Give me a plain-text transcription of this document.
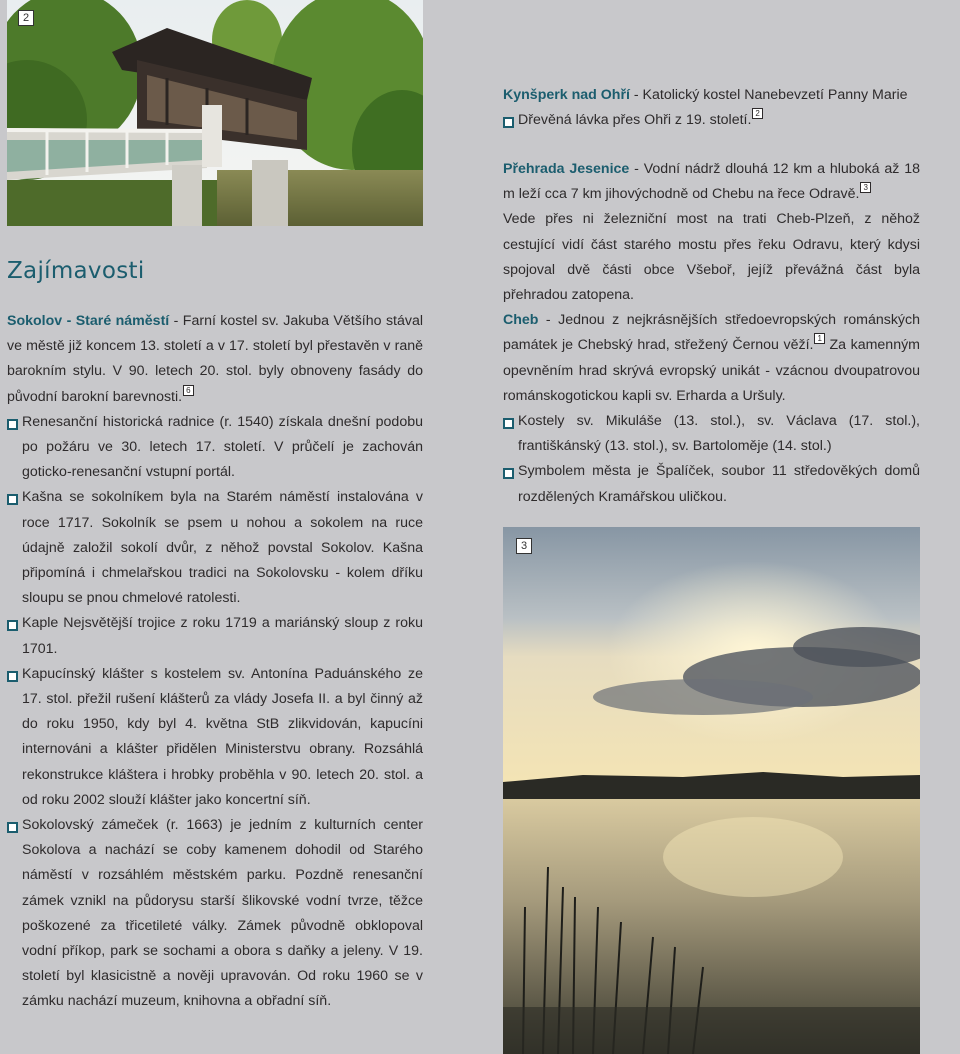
2

Kynšperk nad Ohří - Katolický kostel Nanebevzetí Panny Marie

Dřevěná lávka přes Ohři z 19. století. 2

Zajímavosti

Sokolov - Staré náměstí - Farní kostel sv. Jakuba Většího stával ve městě již koncem 13. století a v 17. století byl přestavěn v raně barokním stylu. V 90. letech 20. stol. byly obnoveny fasády do původní barokní barevnosti. 6

Renesanční historická radnice (r. 1540) získala dnešní podobu po požáru ve 30. letech 17. století. V průčelí je zachován goticko-renesanční vstupní portál.

Kašna se sokolníkem byla na Starém náměstí instalována v roce 1717. Sokolník se psem u nohou a sokolem na ruce údajně založil sokolí dvůr, z něhož povstal Sokolov. Kašna připomíná i chmelařskou tradici na Sokolovsku - kolem dříku sloupu se pnou chmelové ratolesti.

Kaple Nejsvětější trojice z roku 1719 a mariánský sloup z roku 1701.

Kapucínský klášter s kostelem sv. Antonína Paduánského ze 17. stol. přežil rušení klášterů za vlády Josefa II. a byl činný až do roku 1950, kdy byl 4. května StB zlikvidován, kapucíni internováni a klášter přidělen Ministerstvu obrany. Rozsáhlá rekonstrukce kláštera i hrobky proběhla v 90. letech 20. stol. a od roku 2002 slouží klášter jako koncertní síň.

Sokolovský zámeček (r. 1663) je jedním z kulturních center Sokolova a nachází se coby kamenem dohodil od Starého náměstí v rozsáhlém městském parku. Pozdně renesanční zámek vznikl na půdorysu starší šlikovské vodní tvrze, těžce poškozené za třicetileté války. Zámek původně obklopoval vodní příkop, park se sochami a obora s daňky a jeleny. V 19. století byl klasicistně a nověji upravován. Od roku 1960 se v zámku nachází muzeum, knihovna a obřadní síň.

Přehrada Jesenice - Vodní nádrž dlouhá 12 km a hluboká až 18 m leží cca 7 km jihovýchodně od Chebu na řece Odravě. 3

Vede přes ni železniční most na trati Cheb-Plzeň, z něhož cestující vidí část starého mostu přes řeku Odravu, který kdysi spojoval dvě části obce Všeboř, jejíž převážná část byla přehradou zatopena.

Cheb - Jednou z nejkrásnějších středoevropských románských památek je Chebský hrad, střežený Černou věží. 1 Za kamenným opevněním hrad skrývá evropský unikát - vzácnou dvoupatrovou románskogotickou kapli sv. Erharda a Uršuly.

Kostely sv. Mikuláše (13. stol.), sv. Václava (17. stol.), františkánský (13. stol.), sv. Bartoloměje (14. stol.)

Symbolem města je Špalíček, soubor 11 středověkých domů rozdělených Kramářskou uličkou.

3
